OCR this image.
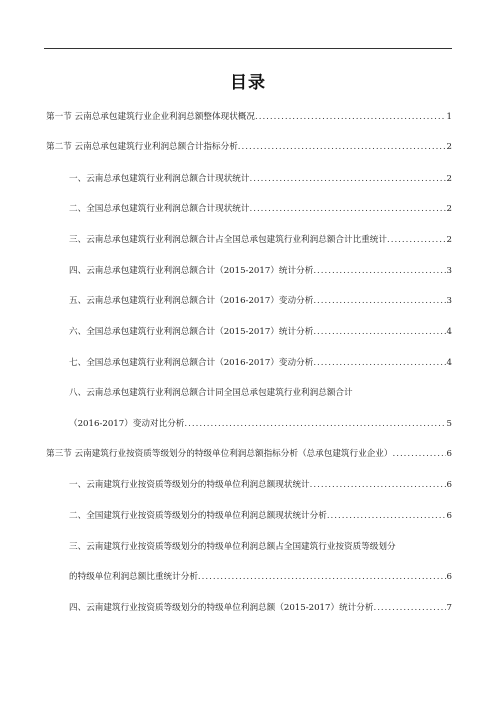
目录
第一节 云南总承包建筑行业企业利润总额整体现状概况 .....	1
第二节 云南总承包建筑行业利润总额合计指标分析 .....	2
一、云南总承包建筑行业利润总额合计现状统计 .....	2
二、全国总承包建筑行业利润总额合计现状统计 .....	2
三、云南总承包建筑行业利润总额合计占全国总承包建筑行业利润总额合计比重统计 .....	2
四、云南总承包建筑行业利润总额合计（2015-2017）统计分析 .....	3
五、云南总承包建筑行业利润总额合计（2016-2017）变动分析 .....	3
六、全国总承包建筑行业利润总额合计（2015-2017）统计分析 .....	4
七、全国总承包建筑行业利润总额合计（2016-2017）变动分析 .....	4
八、云南总承包建筑行业利润总额合计同全国总承包建筑行业利润总额合计
（2016-2017）变动对比分析 .....	5
第三节 云南建筑行业按资质等级划分的特级单位利润总额指标分析（总承包建筑行业企业） .....	6
一、云南建筑行业按资质等级划分的特级单位利润总额现状统计 .....	6
二、全国建筑行业按资质等级划分的特级单位利润总额现状统计分析 .....	6
三、云南建筑行业按资质等级划分的特级单位利润总额占全国建筑行业按资质等级划分
的特级单位利润总额比重统计分析 .....	6
四、云南建筑行业按资质等级划分的特级单位利润总额（2015-2017）统计分析 .....	7
